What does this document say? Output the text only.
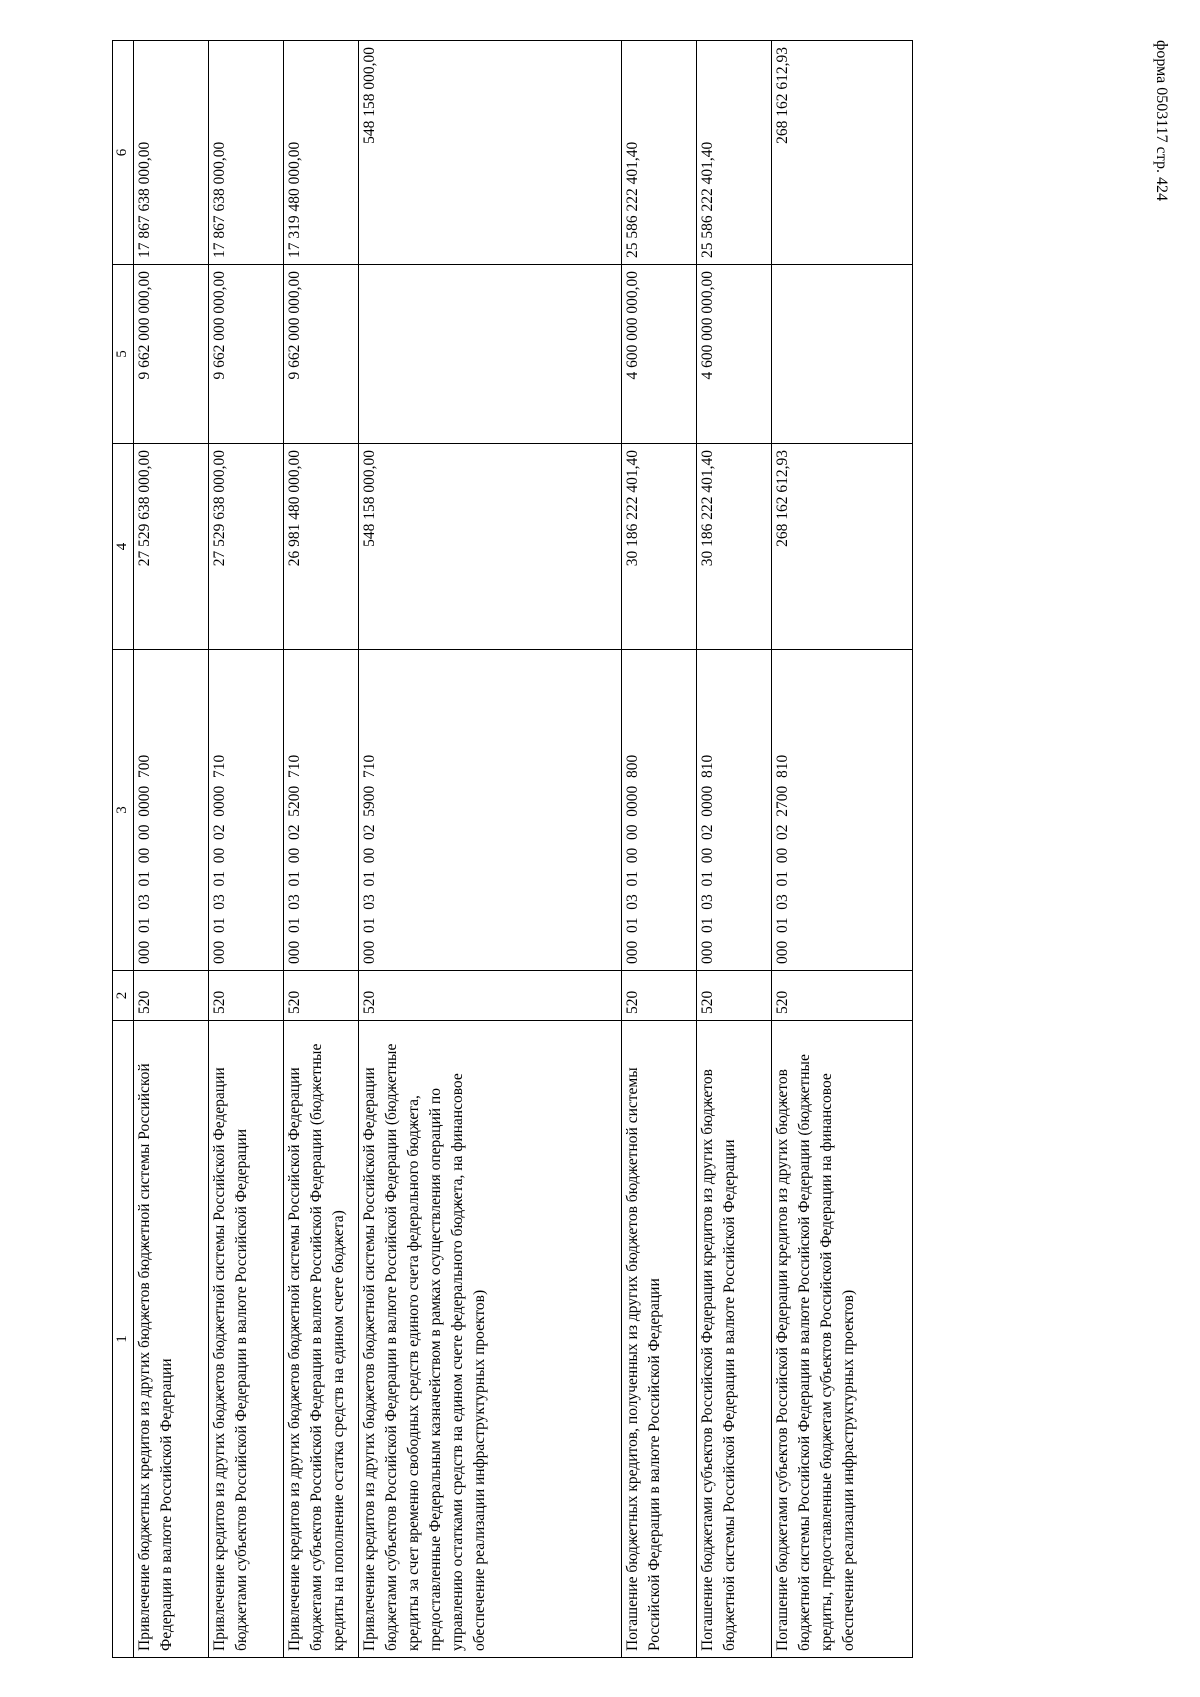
форма 0503117 стр. 424
1	2	3	4	5	6
Привлечение бюджетных кредитов из других бюджетов бюджетной системы Российской Федерации в валюте Российской Федерации	520	000  01  03  01  00  00  0000  700	27 529 638 000,00	9 662 000 000,00	17 867 638 000,00
Привлечение кредитов из других бюджетов бюджетной системы Российской Федерации бюджетами субъектов Российской Федерации в валюте Российской Федерации	520	000  01  03  01  00  02  0000  710	27 529 638 000,00	9 662 000 000,00	17 867 638 000,00
Привлечение кредитов из других бюджетов бюджетной системы Российской Федерации бюджетами субъектов Российской Федерации в валюте Российской Федерации (бюджетные кредиты на пополнение остатка средств на едином счете бюджета)	520	000  01  03  01  00  02  5200  710	26 981 480 000,00	9 662 000 000,00	17 319 480 000,00
Привлечение кредитов из других бюджетов бюджетной системы Российской Федерации бюджетами субъектов Российской Федерации в валюте Российской Федерации (бюджетные кредиты за счет временно свободных средств единого счета федерального бюджета, предоставленные Федеральным казначейством в рамках осуществления операций по управлению остатками средств на едином счете федерального бюджета, на финансовое обеспечение реализации инфраструктурных проектов)	520	000  01  03  01  00  02  5900  710	548 158 000,00		548 158 000,00
Погашение бюджетных кредитов, полученных из других бюджетов бюджетной системы Российской Федерации в валюте Российской Федерации	520	000  01  03  01  00  00  0000  800	30 186 222 401,40	4 600 000 000,00	25 586 222 401,40
Погашение бюджетами субъектов Российской Федерации кредитов из других бюджетов бюджетной системы Российской Федерации в валюте Российской Федерации	520	000  01  03  01  00  02  0000  810	30 186 222 401,40	4 600 000 000,00	25 586 222 401,40
Погашение бюджетами субъектов Российской Федерации кредитов из других бюджетов бюджетной системы Российской Федерации в валюте Российской Федерации (бюджетные кредиты, предоставленные бюджетам субъектов Российской Федерации на финансовое обеспечение реализации инфраструктурных проектов)	520	000  01  03  01  00  02  2700  810	268 162 612,93		268 162 612,93
